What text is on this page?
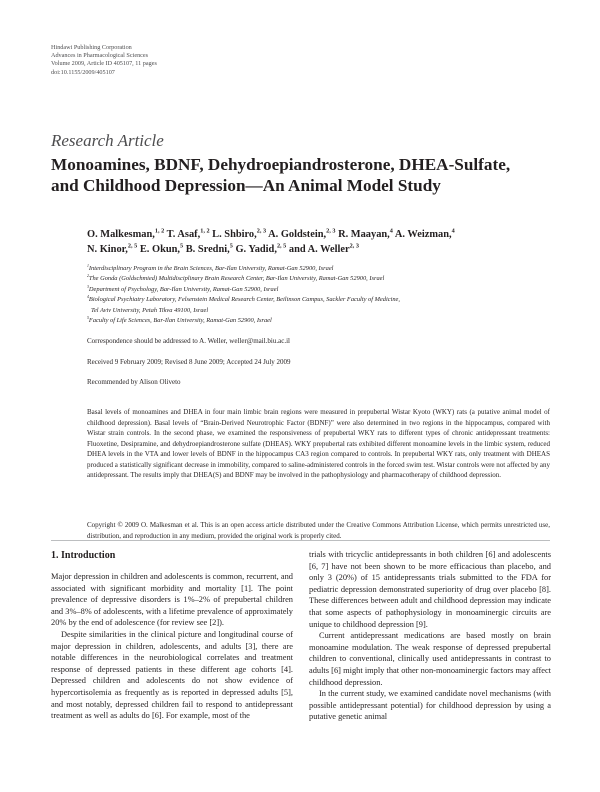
Hindawi Publishing Corporation
Advances in Pharmacological Sciences
Volume 2009, Article ID 405107, 11 pages
doi:10.1155/2009/405107
Research Article
Monoamines, BDNF, Dehydroepiandrosterone, DHEA-Sulfate,
and Childhood Depression—An Animal Model Study
O. Malkesman,$^{1, 2}$ T. Asaf,$^{1, 2}$ L. Shbiro,$^{2, 3}$ A. Goldstein,$^{2, 3}$ R. Maayan,$^4$ A. Weizman,$^4$
N. Kinor,$^{2, 5}$ E. Okun,$^5$ B. Sredni,$^5$ G. Yadid,$^{2, 5}$ and A. Weller$^{2, 3}$
$^1$Interdisciplinary Program in the Brain Sciences, Bar-Ilan University, Ramat-Gan 52900, Israel
$^2$The Gonda (Goldschmied) Multidisciplinary Brain Research Center, Bar-Ilan University, Ramat-Gan 52900, Israel
$^3$Department of Psychology, Bar-Ilan University, Ramat-Gan 52900, Israel
$^4$Biological Psychiatry Laboratory, Felsenstein Medical Research Center, Beilinson Campus, Sackler Faculty of Medicine,
Tel Aviv University, Petah Tikva 49100, Israel
$^5$Faculty of Life Sciences, Bar-Ilan University, Ramat-Gan 52900, Israel
Correspondence should be addressed to A. Weller, weller@mail.biu.ac.il
Received 9 February 2009; Revised 8 June 2009; Accepted 24 July 2009
Recommended by Alison Oliveto
Basal levels of monoamines and DHEA in four main limbic brain regions were measured in prepubertal Wistar Kyoto (WKY) rats (a putative animal model of childhood depression). Basal levels of “Brain-Derived Neurotrophic Factor (BDNF)” were also determined in two regions in the hippocampus, compared with Wistar strain controls. In the second phase, we examined the responsiveness of prepubertal WKY rats to different types of chronic antidepressant treatments: Fluoxetine, Desipramine, and dehydroepiandrosterone sulfate (DHEAS). WKY prepubertal rats exhibited different monoamine levels in the limbic system, reduced DHEA levels in the VTA and lower levels of BDNF in the hippocampus CA3 region compared to controls. In prepubertal WKY rats, only treatment with DHEAS produced a statistically significant decrease in immobility, compared to saline-administered controls in the forced swim test. Wistar controls were not affected by any antidepressant. The results imply that DHEA(S) and BDNF may be involved in the pathophysiology and pharmacotherapy of childhood depression.
Copyright © 2009 O. Malkesman et al. This is an open access article distributed under the Creative Commons Attribution License, which permits unrestricted use, distribution, and reproduction in any medium, provided the original work is properly cited.
1. Introduction

Major depression in children and adolescents is common, recurrent, and associated with significant morbidity and mortality [1]. The point prevalence of depressive disorders is 1%–2% of prepubertal children and 3%–8% of adolescents, with a lifetime prevalence of approximately 20% by the end of adolescence (for review see [2]).

Despite similarities in the clinical picture and longitudinal course of major depression in children, adolescents, and adults [3], there are notable differences in the neurobiological correlates and treatment response of depressed patients in these different age cohorts [4]. Depressed children and adolescents do not show evidence of hypercortisolemia as frequently as is reported in depressed adults [5], and most notably, depressed children fail to respond to antidepressant treatment as well as adults do [6]. For example, most of the

trials with tricyclic antidepressants in both children [6] and adolescents [6, 7] have not been shown to be more efficacious than placebo, and only 3 (20%) of 15 antidepressants trials submitted to the FDA for pediatric depression demonstrated superiority of drug over placebo [8]. These differences between adult and childhood depression may indicate that some aspects of pathophysiology in monoaminergic circuits are unique to childhood depression [9].

Current antidepressant medications are based mostly on brain monoamine modulation. The weak response of depressed prepubertal children to conventional, clinically used antidepressants in contrast to adults [6] might imply that other non-monoaminergic factors may affect childhood depression.

In the current study, we examined candidate novel mechanisms (with possible antidepressant potential) for childhood depression by using a putative genetic animal
